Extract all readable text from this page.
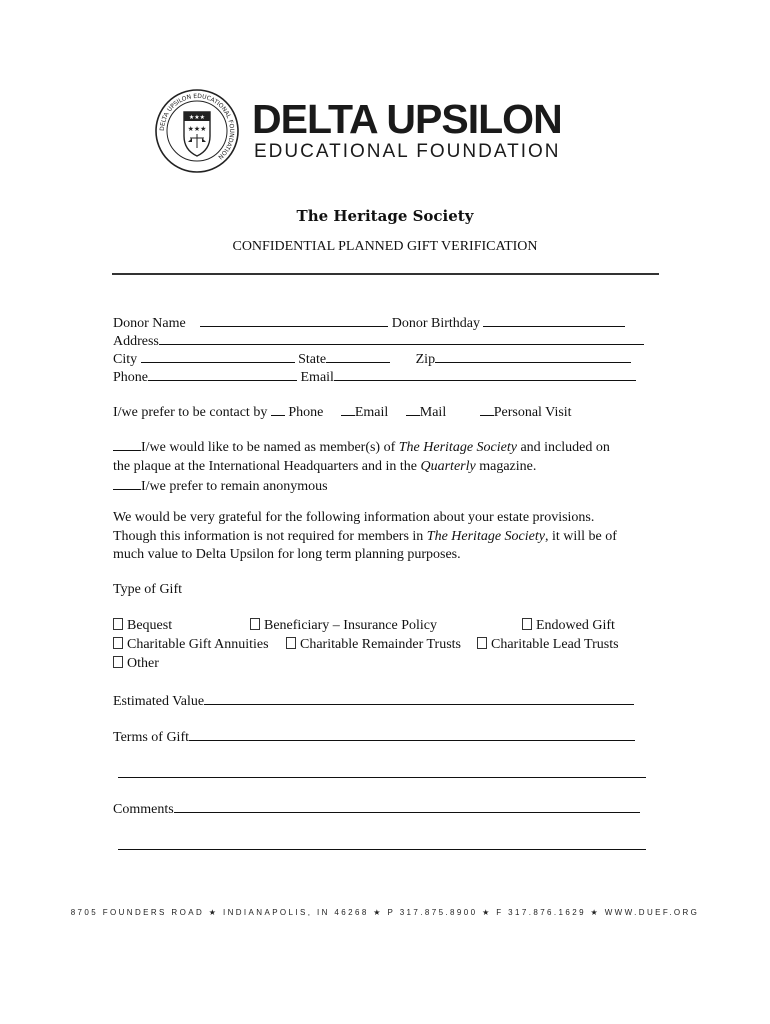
DELTA UPSILON EDUCATIONAL FOUNDATION
★★★
★★★ DELTA UPSILON
EDUCATIONAL FOUNDATION
The Heritage Society
CONFIDENTIAL PLANNED GIFT VERIFICATION
Donor Name	Donor Birthday
Address
City	State	Zip
Phone	Email
I/we prefer to be contact by Phone Email Mail	Personal Visit
I/we would like to be named as member(s) of The Heritage Society and included on
the plaque at the International Headquarters and in the Quarterly magazine.
I/we prefer to remain anonymous
We would be very grateful for the following information about your estate provisions.
Though this information is not required for members in The Heritage Society, it will be of
much value to Delta Upsilon for long term planning purposes.
Type of Gift
Bequest	Beneficiary – Insurance Policy	Endowed Gift
Charitable Gift Annuities	Charitable Remainder Trusts	Charitable Lead Trusts
Other
Estimated Value
Terms of Gift
Comments
8705 FOUNDERS ROAD ★ INDIANAPOLIS, IN 46268 ★ P 317.875.8900 ★ F 317.876.1629 ★ WWW.DUEF.ORG
